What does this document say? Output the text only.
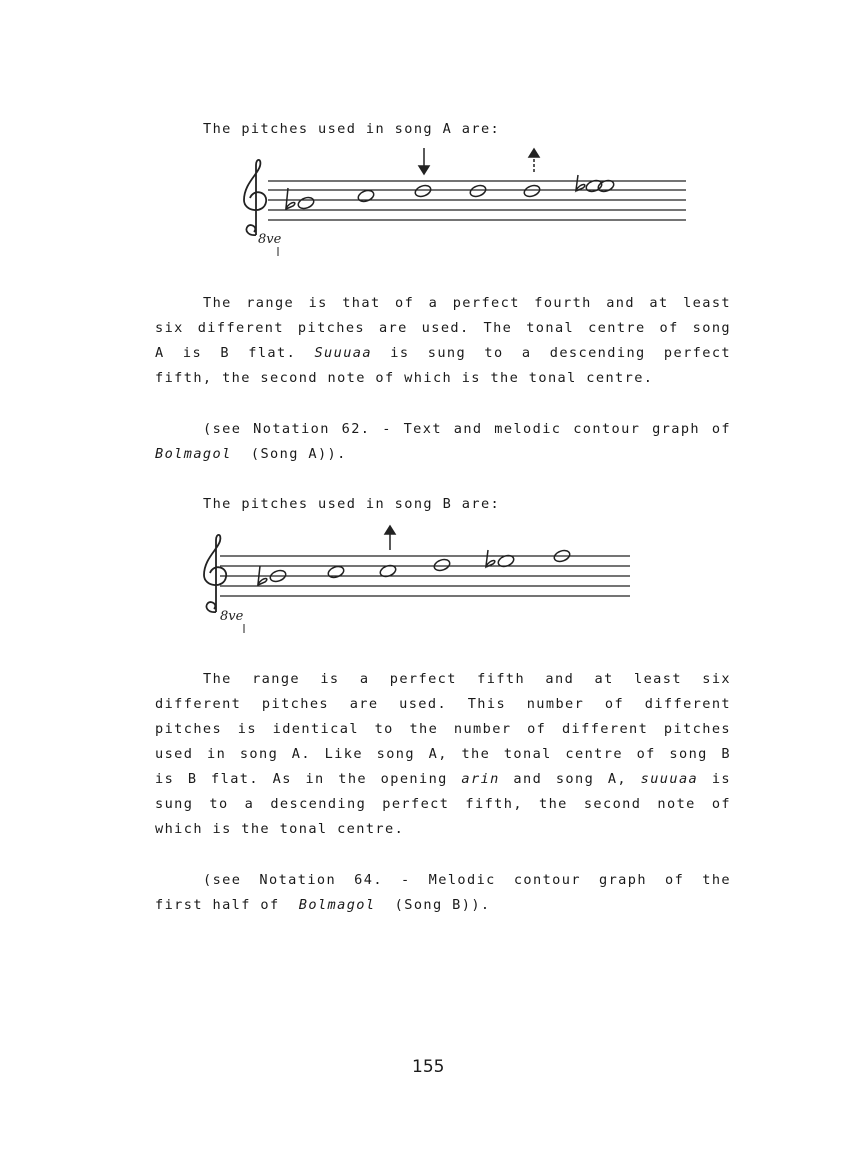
The pitches used in song A are:
8ve
The range is that of a perfect fourth and at least
six different pitches are used. The tonal centre of song
A is B flat. Suuuaa is sung to a descending perfect
fifth, the second note of which is the tonal centre.
(see Notation 62. - Text and melodic contour graph of
Bolmagol  (Song A)).
The pitches used in song B are:
8ve
The range is a perfect fifth and at least six
different pitches are used. This number of different
pitches is identical to the number of different pitches
used in song A. Like song A, the tonal centre of song B
is B flat. As in the opening arin and song A, suuuaa is
sung to a descending perfect fifth, the second note of
which is the tonal centre.
(see Notation 64. - Melodic contour graph of the
first half of  Bolmagol  (Song B)).
155
